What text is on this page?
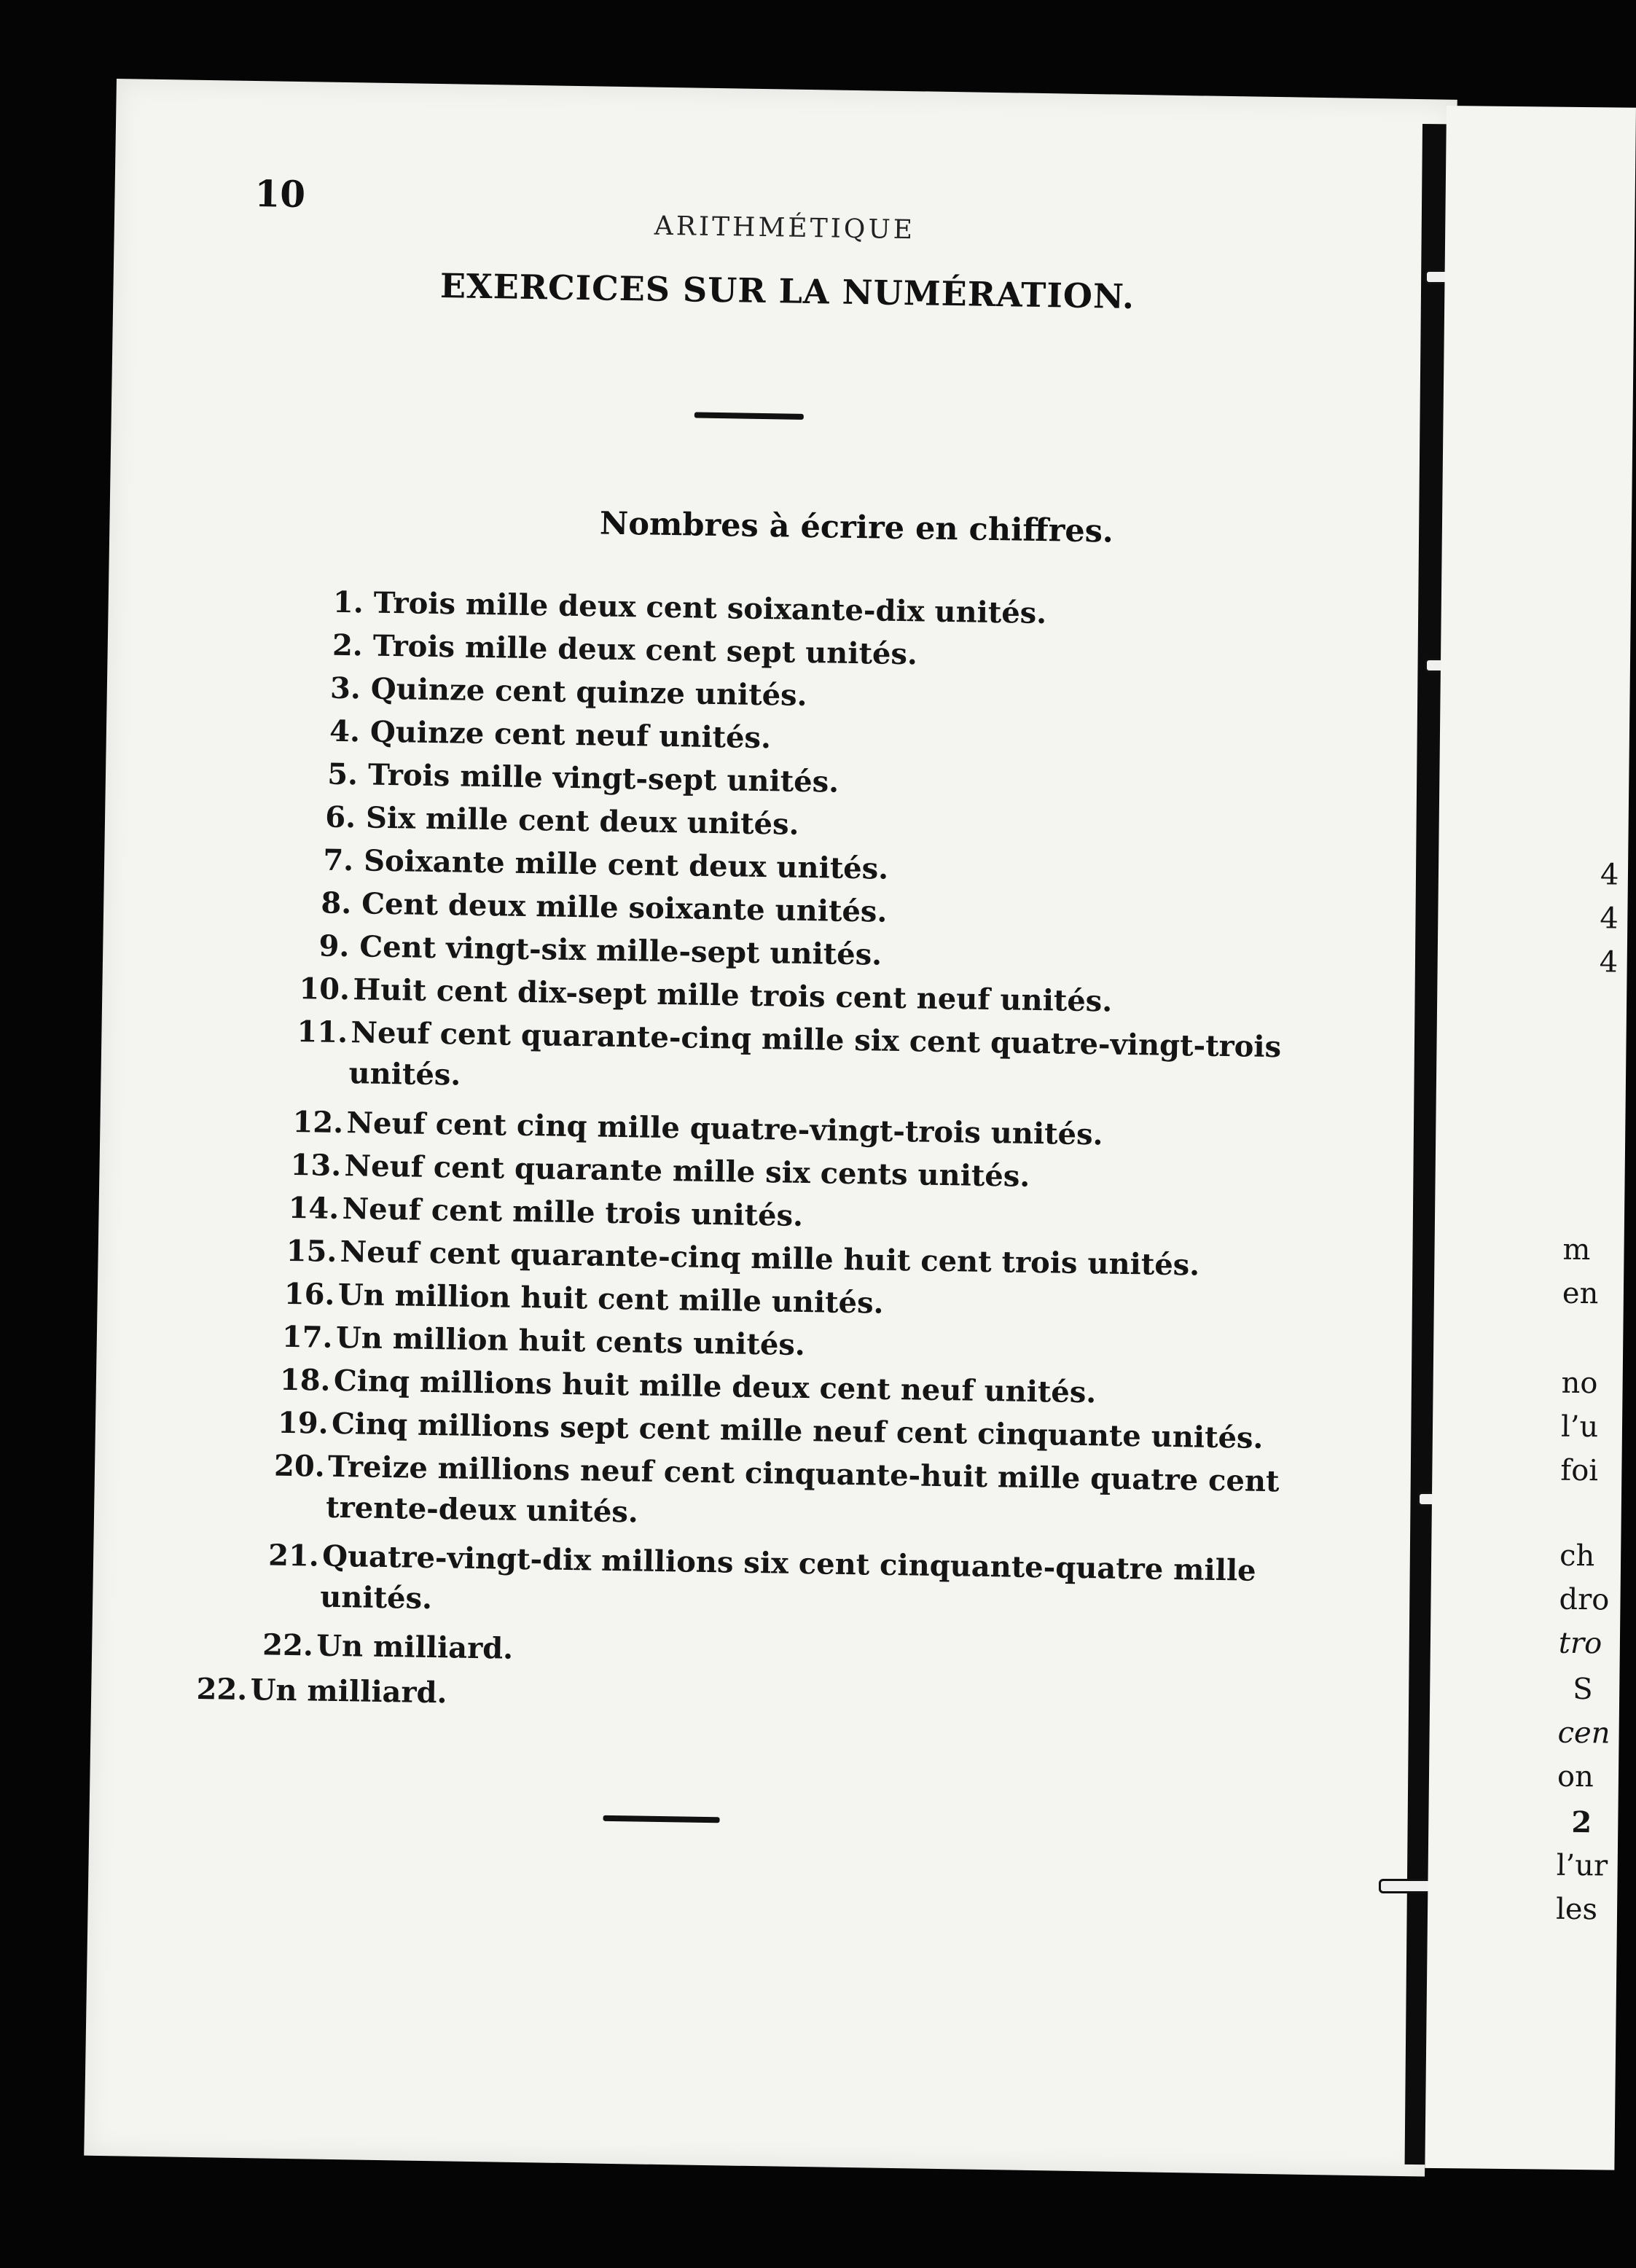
10
ARITHMÉTIQUE
EXERCICES SUR LA NUMÉRATION.
Nombres à écrire en chiffres.
1. Trois mille deux cent soixante-dix unités.
2. Trois mille deux cent sept unités.
3. Quinze cent quinze unités.
4. Quinze cent neuf unités.
5. Trois mille vingt-sept unités.
6. Six mille cent deux unités.
7. Soixante mille cent deux unités.
8. Cent deux mille soixante unités.
9. Cent vingt-six mille-sept unités.
10.Huit cent dix-sept mille trois cent neuf unités.
11.Neuf cent quarante-cinq mille six cent quatre-vingt-trois
unités.
12.Neuf cent cinq mille quatre-vingt-trois unités.
13.Neuf cent quarante mille six cents unités.
14.Neuf cent mille trois unités.
15.Neuf cent quarante-cinq mille huit cent trois unités.
16.Un million huit cent mille unités.
17.Un million huit cents unités.
18.Cinq millions huit mille deux cent neuf unités.
19.Cinq millions sept cent mille neuf cent cinquante unités.
20.Treize millions neuf cent cinquante-huit mille quatre cent
trente-deux unités.
21.Quatre-vingt-dix millions six cent cinquante-quatre mille
unités.
22.Un milliard.
4
4
4
m
en
no
l’u
foi
ch
dro
tro
S
cen
on
2
l’ur
les
22.Un milliard.
